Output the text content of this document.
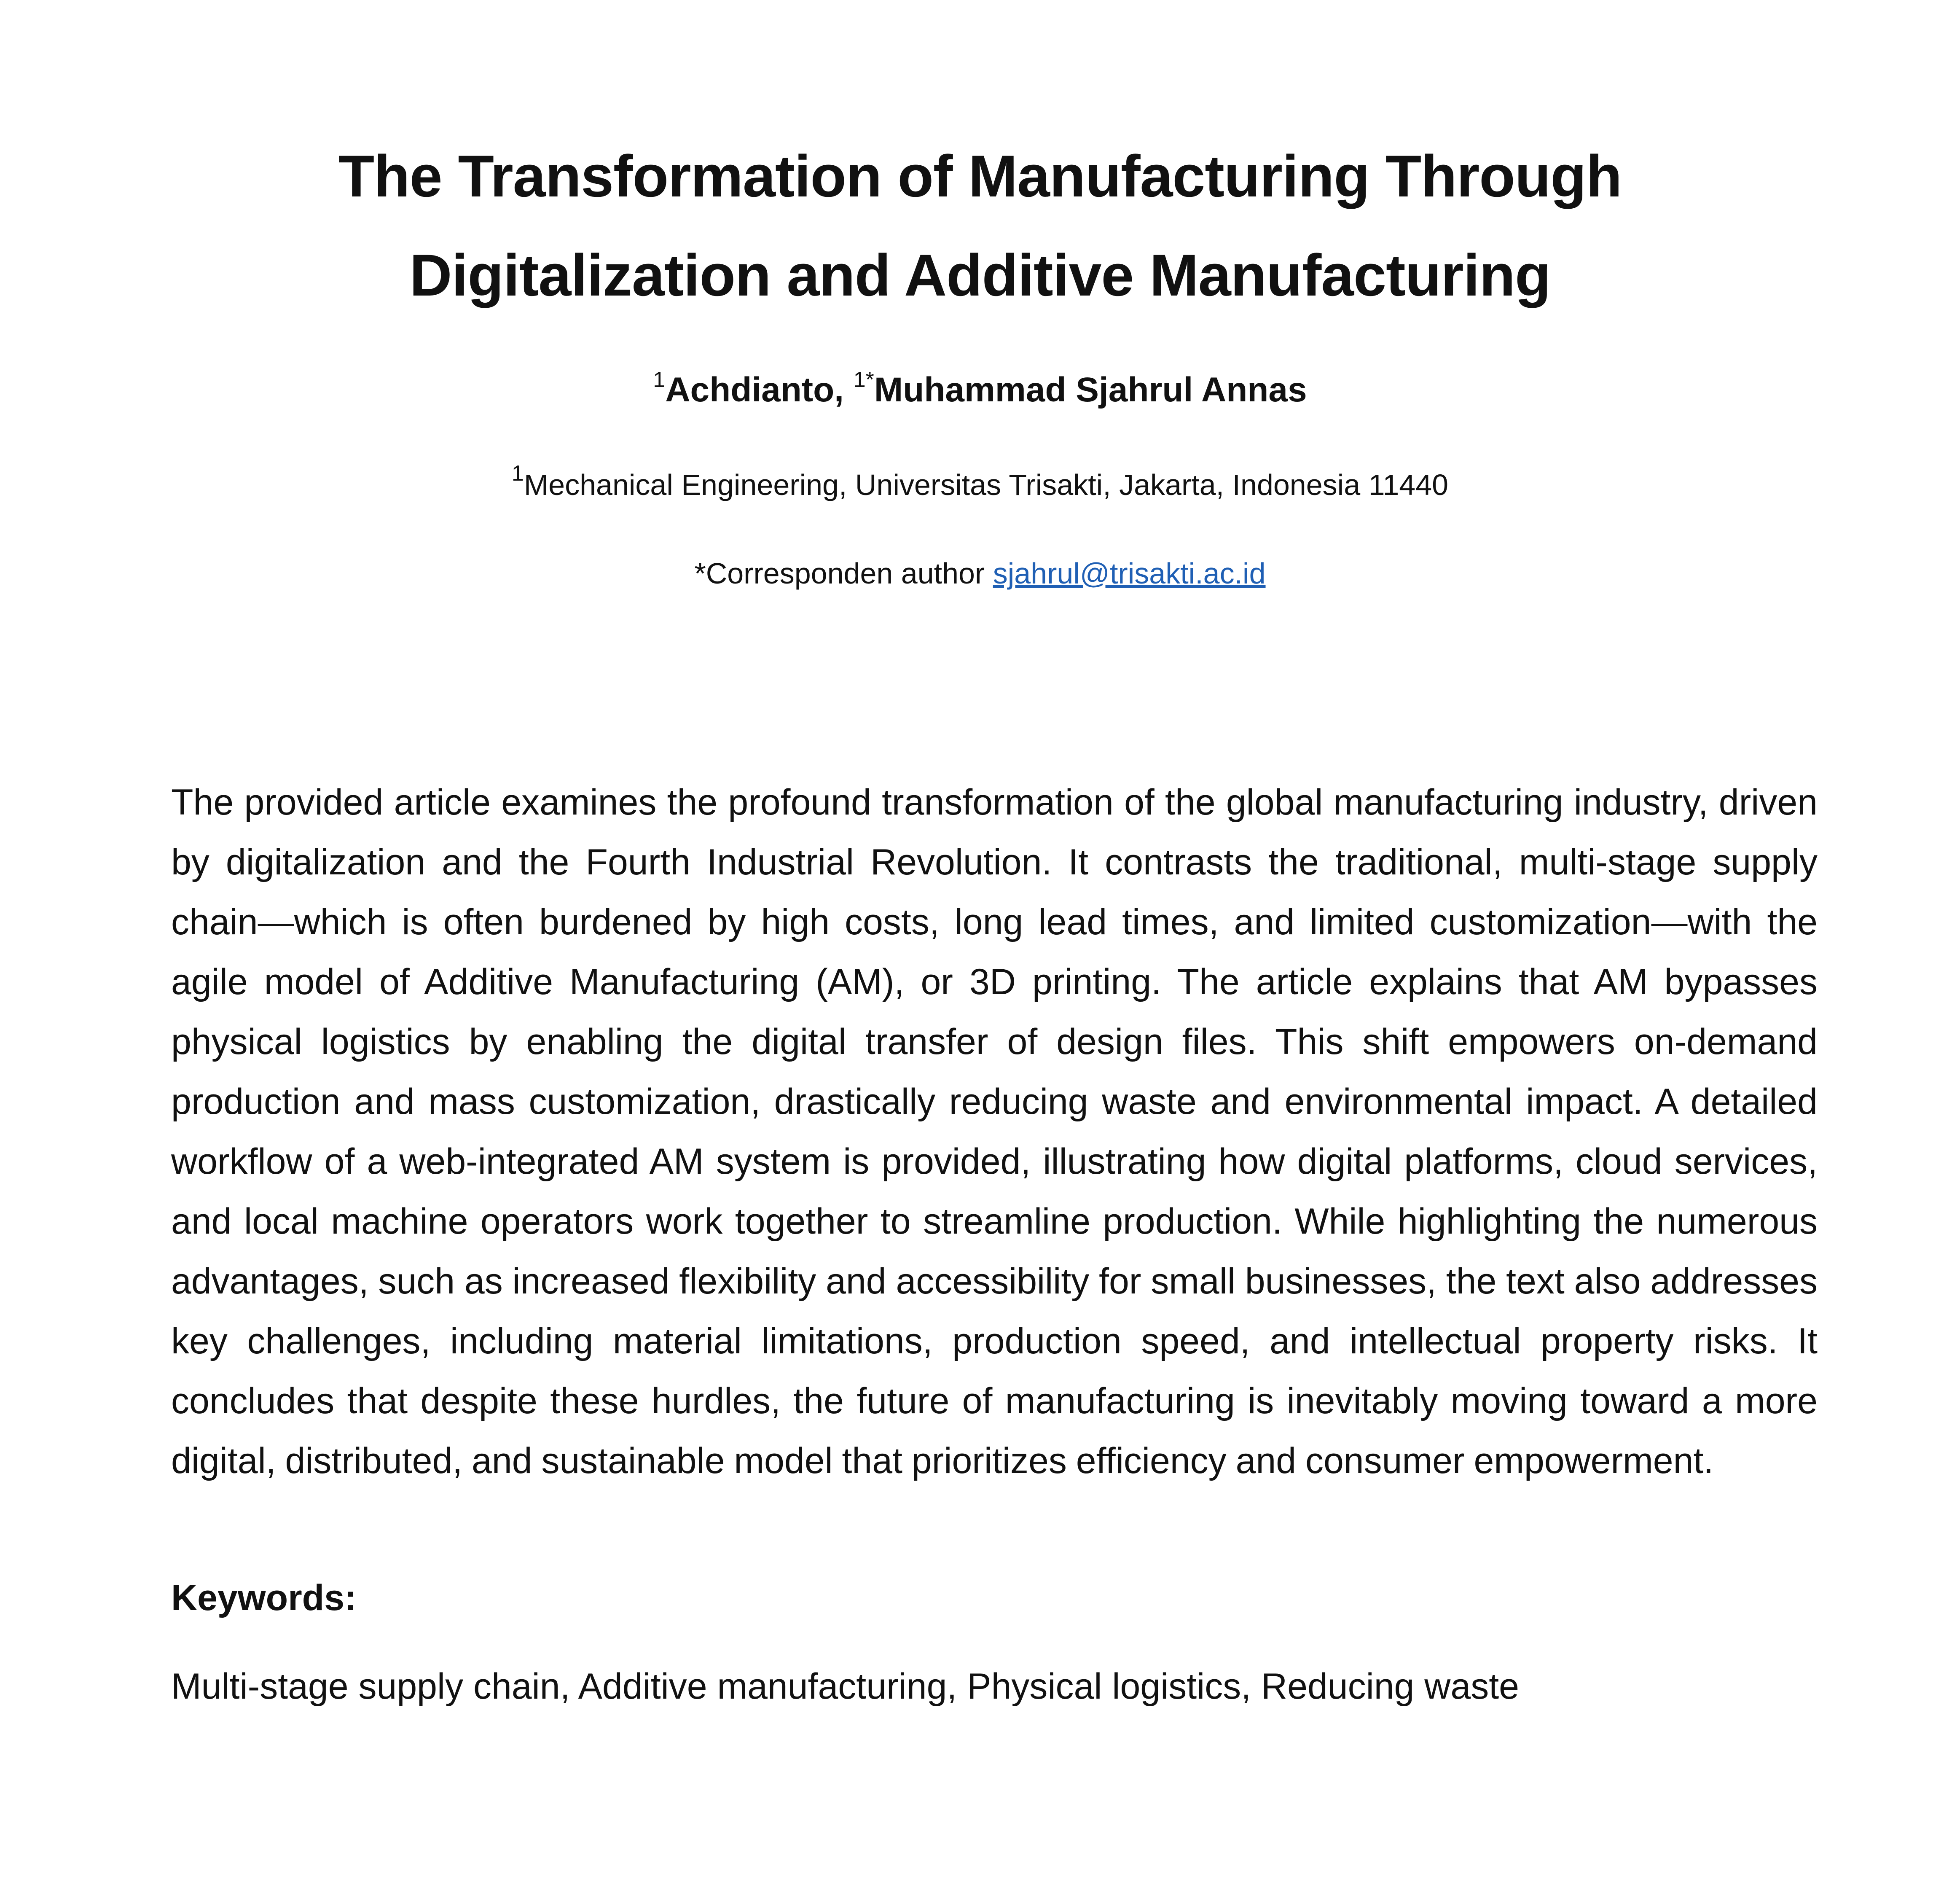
The Transformation of Manufacturing Through
Digitalization and Additive Manufacturing
$^1$Achdianto, $^{1*}$Muhammad Sjahrul Annas
$^1$Mechanical Engineering, Universitas Trisakti, Jakarta, Indonesia 11440
*Corresponden author sjahrul@trisakti.ac.id

The provided article examines the profound transformation of the global manufacturing industry, driven by digitalization and the Fourth Industrial Revolution. It contrasts the traditional, multi-stage supply chain—which is often burdened by high costs, long lead times, and limited customization—with the agile model of Additive Manufacturing (AM), or 3D printing. The article explains that AM bypasses physical logistics by enabling the digital transfer of design files. This shift empowers on-demand production and mass customization, drastically reducing waste and environmental impact. A detailed workflow of a web-integrated AM system is provided, illustrating how digital platforms, cloud services, and local machine operators work together to streamline production. While highlighting the numerous advantages, such as increased flexibility and accessibility for small businesses, the text also addresses key challenges, including material limitations, production speed, and intellectual property risks. It concludes that despite these hurdles, the future of manufacturing is inevitably moving toward a more digital, distributed, and sustainable model that prioritizes efficiency and consumer empowerment.

Keywords:
Multi-stage supply chain, Additive manufacturing, Physical logistics, Reducing waste
